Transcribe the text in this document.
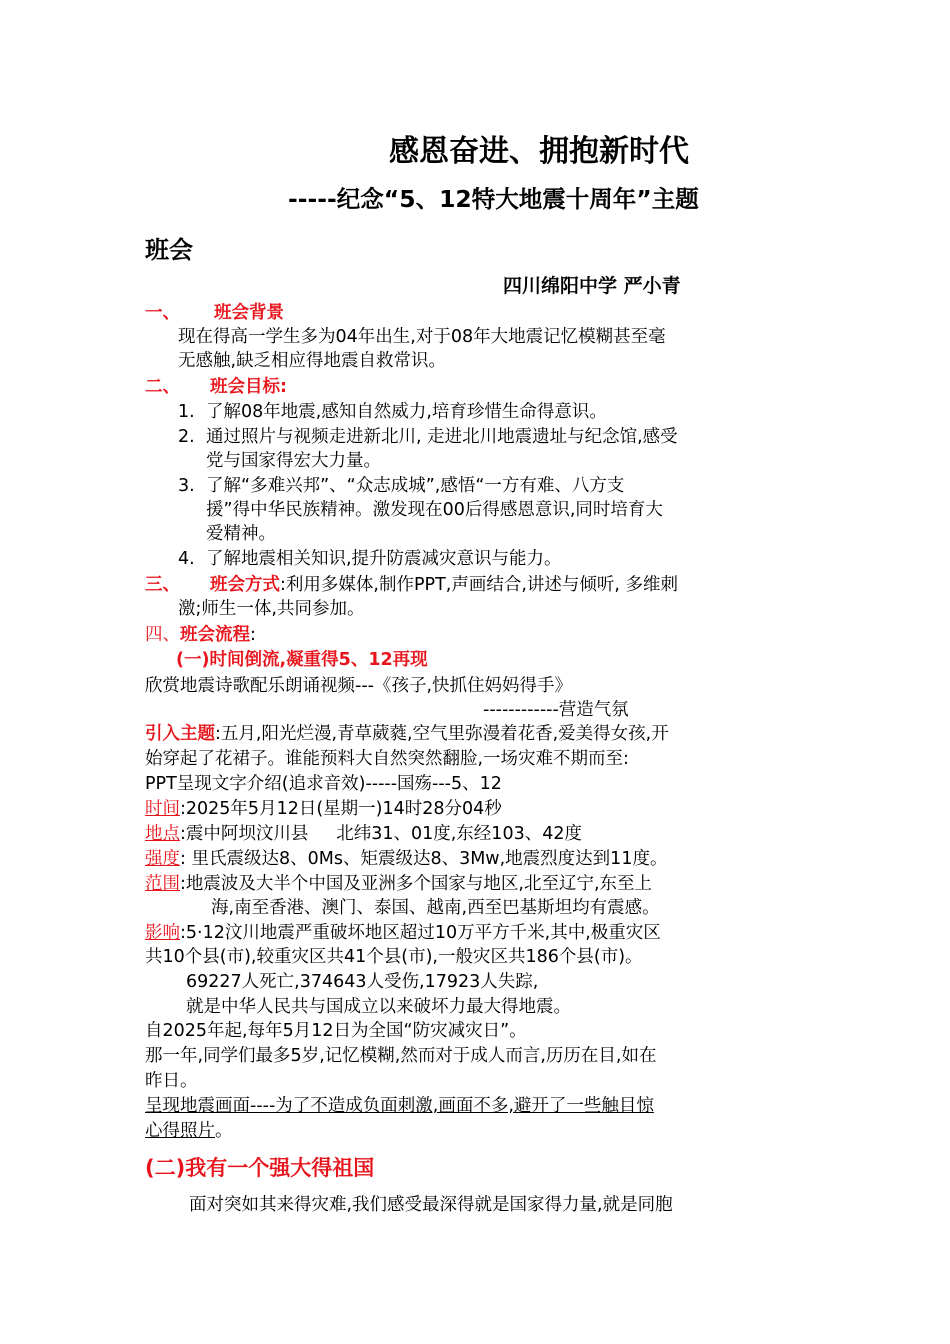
感恩奋进、拥抱新时代
-----纪念“5、12特大地震十周年”主题
班会
四川绵阳中学 严小青
一、 班会背景
现在得高一学生多为04年出生,对于08年大地震记忆模糊甚至毫
无感触,缺乏相应得地震自救常识。
二、 班会目标:
1. 了解08年地震,感知自然威力,培育珍惜生命得意识。
2. 通过照片与视频走进新北川, 走进北川地震遗址与纪念馆,感受
党与国家得宏大力量。
3. 了解“多难兴邦”、“众志成城”,感悟“一方有难、八方支
援”得中华民族精神。激发现在00后得感恩意识,同时培育大
爱精神。
4. 了解地震相关知识,提升防震减灾意识与能力。
三、 班会方式:利用多媒体,制作PPT,声画结合,讲述与倾听, 多维刺
激;师生一体,共同参加。
四、班会流程:
(一)时间倒流,凝重得5、12再现
欣赏地震诗歌配乐朗诵视频---《孩子,快抓住妈妈得手》
------------营造气氛
引入主题:五月,阳光烂漫,青草葳蕤,空气里弥漫着花香,爱美得女孩,开
始穿起了花裙子。谁能预料大自然突然翻脸,一场灾难不期而至:
PPT呈现文字介绍(追求音效)-----国殇---5、12
时间:2025年5月12日(星期一)14时28分04秒
地点:震中阿坝汶川县     北纬31、01度,东经103、42度
强度: 里氏震级达8、0Ms、矩震级达8、3Mw,地震烈度达到11度。
范围:地震波及大半个中国及亚洲多个国家与地区,北至辽宁,东至上
海,南至香港、澳门、泰国、越南,西至巴基斯坦均有震感。
影响:5·12汶川地震严重破坏地区超过10万平方千米,其中,极重灾区
共10个县(市),较重灾区共41个县(市),一般灾区共186个县(市)。
69227人死亡,374643人受伤,17923人失踪,
就是中华人民共与国成立以来破坏力最大得地震。
自2025年起,每年5月12日为全国“防灾减灾日”。
那一年,同学们最多5岁,记忆模糊,然而对于成人而言,历历在目,如在
昨日。
呈现地震画面----为了不造成负面刺激,画面不多,避开了一些触目惊
心得照片。
(二)我有一个强大得祖国
面对突如其来得灾难,我们感受最深得就是国家得力量,就是同胞
